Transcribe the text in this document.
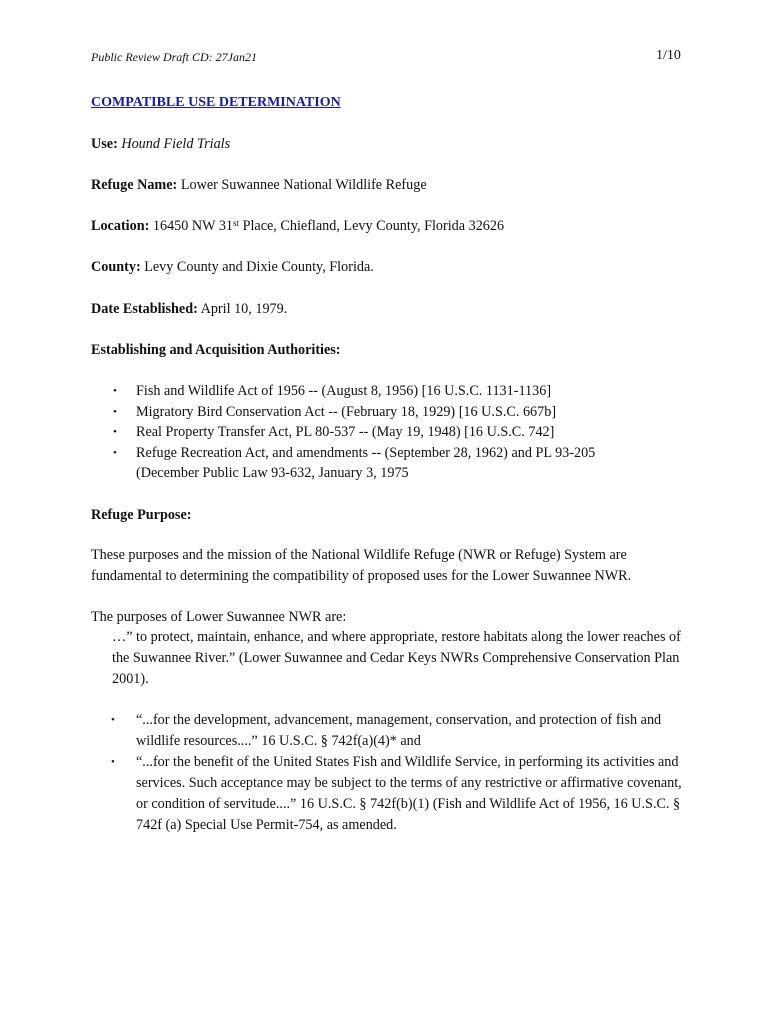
Public Review Draft CD: 27Jan21	1/10
COMPATIBLE USE DETERMINATION
Use: Hound Field Trials
Refuge Name: Lower Suwannee National Wildlife Refuge
Location: 16450 NW 31st Place, Chiefland, Levy County, Florida 32626
County: Levy County and Dixie County, Florida.
Date Established: April 10, 1979.
Establishing and Acquisition Authorities:
• Fish and Wildlife Act of 1956 -- (August 8, 1956) [16 U.S.C. 1131-1136]
• Migratory Bird Conservation Act -- (February 18, 1929) [16 U.S.C. 667b]
• Real Property Transfer Act, PL 80-537 -- (May 19, 1948) [16 U.S.C. 742]
• Refuge Recreation Act, and amendments -- (September 28, 1962) and PL 93-205 (December Public Law 93-632, January 3, 1975
Refuge Purpose:
These purposes and the mission of the National Wildlife Refuge (NWR or Refuge) System are fundamental to determining the compatibility of proposed uses for the Lower Suwannee NWR.
The purposes of Lower Suwannee NWR are:
…” to protect, maintain, enhance, and where appropriate, restore habitats along the lower reaches of the Suwannee River.” (Lower Suwannee and Cedar Keys NWRs Comprehensive Conservation Plan 2001).
• “...for the development, advancement, management, conservation, and protection of fish and wildlife resources....” 16 U.S.C. § 742f(a)(4)* and
• “...for the benefit of the United States Fish and Wildlife Service, in performing its activities and services. Such acceptance may be subject to the terms of any restrictive or affirmative covenant, or condition of servitude....” 16 U.S.C. § 742f(b)(1) (Fish and Wildlife Act of 1956, 16 U.S.C. § 742f (a) Special Use Permit-754, as amended.
